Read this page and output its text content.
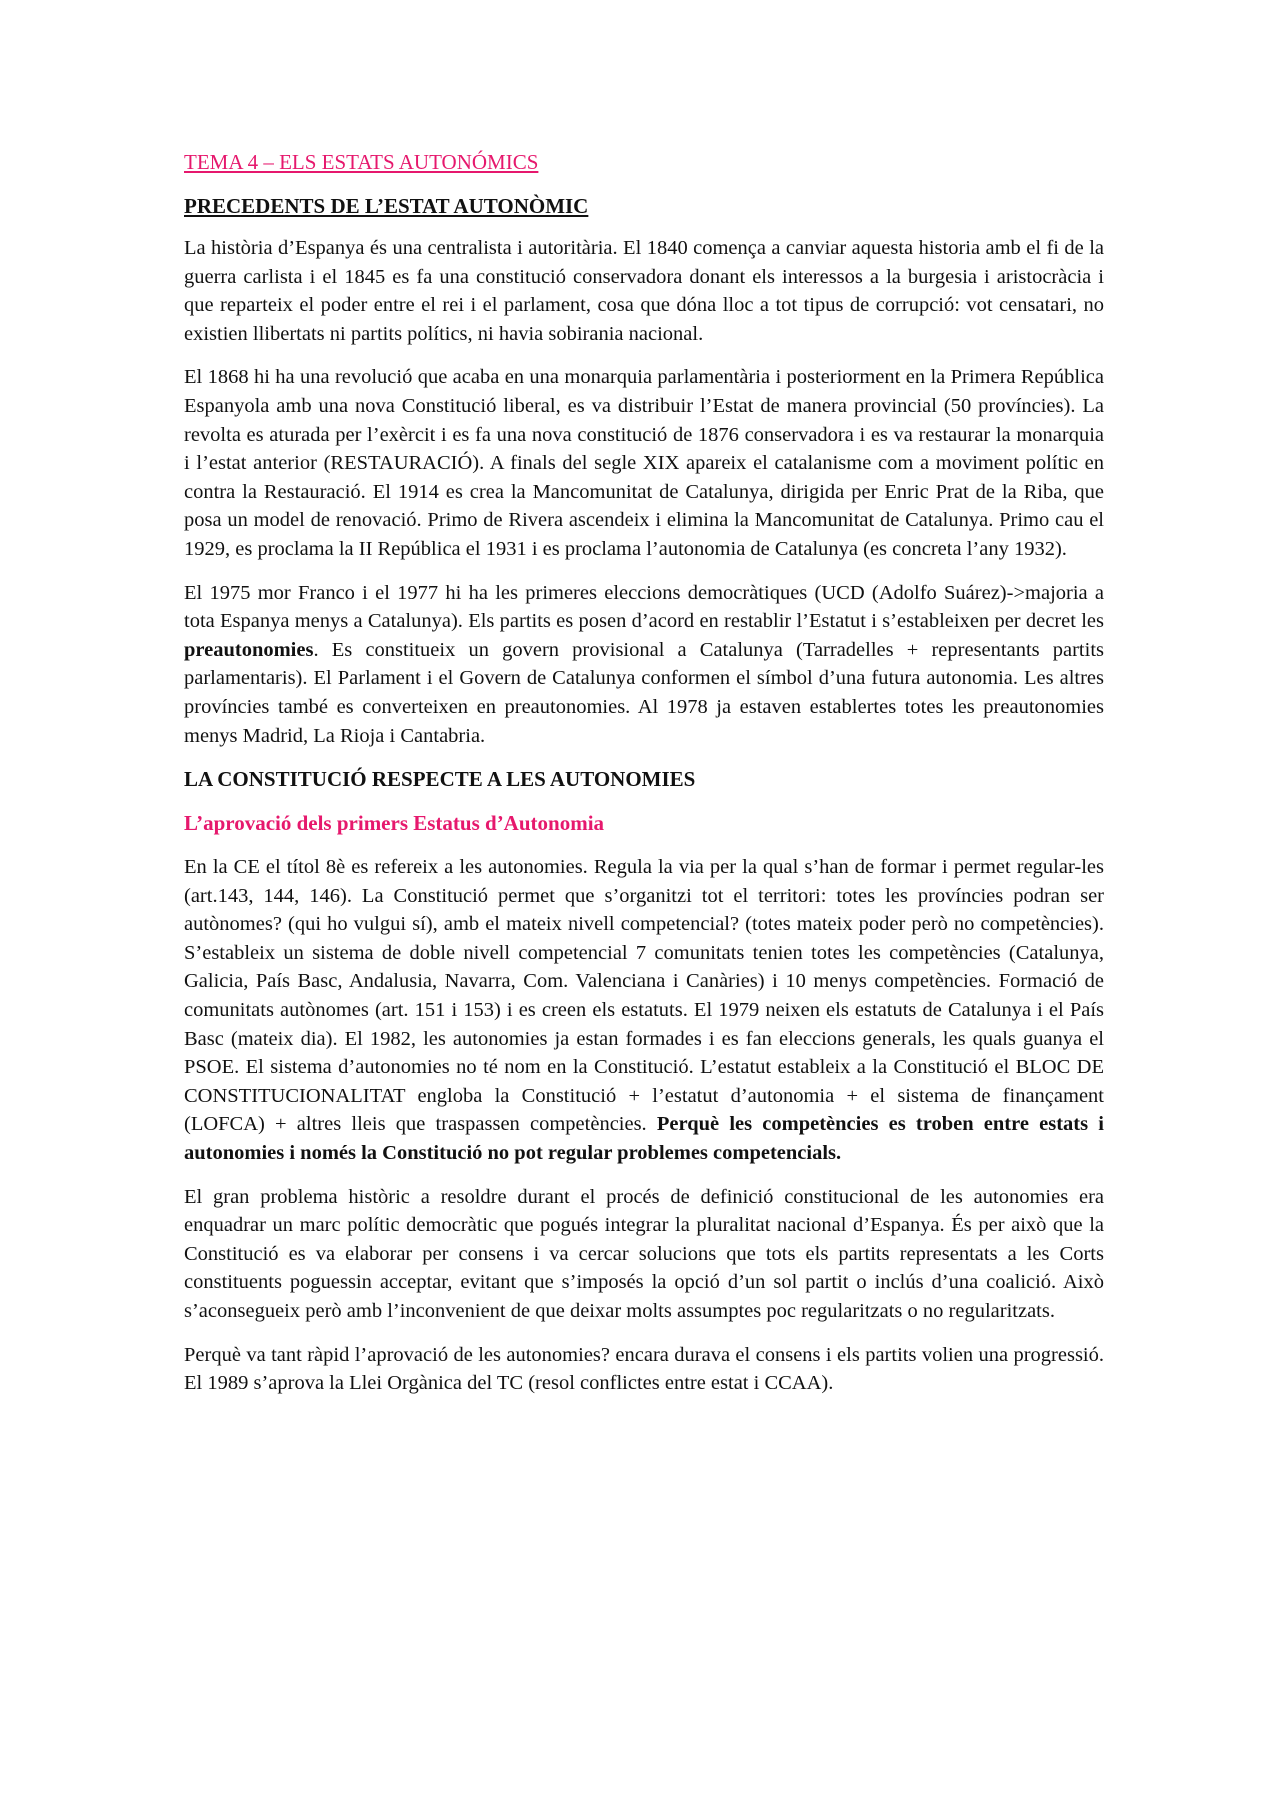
TEMA 4 – ELS ESTATS AUTONÓMICS
PRECEDENTS DE L’ESTAT AUTONÒMIC

La història d’Espanya és una centralista i autoritària. El 1840 comença a canviar aquesta historia amb el fi de la guerra carlista i el 1845 es fa una constitució conservadora donant els interessos a la burgesia i aristocràcia i que reparteix el poder entre el rei i el parlament, cosa que dóna lloc a tot tipus de corrupció: vot censatari, no existien llibertats ni partits polítics, ni havia sobirania nacional.

El 1868 hi ha una revolució que acaba en una monarquia parlamentària i posteriorment en la Primera República Espanyola amb una nova Constitució liberal, es va distribuir l’Estat de manera provincial (50 províncies). La revolta es aturada per l’exèrcit i es fa una nova constitució de 1876 conservadora i es va restaurar la monarquia i l’estat anterior (RESTAURACIÓ). A finals del segle XIX apareix el catalanisme com a moviment polític en contra la Restauració. El 1914 es crea la Mancomunitat de Catalunya, dirigida per Enric Prat de la Riba, que posa un model de renovació. Primo de Rivera ascendeix i elimina la Mancomunitat de Catalunya. Primo cau el 1929, es proclama la II República el 1931 i es proclama l’autonomia de Catalunya (es concreta l’any 1932).

El 1975 mor Franco i el 1977 hi ha les primeres eleccions democràtiques (UCD (Adolfo Suárez)->majoria a tota Espanya menys a Catalunya). Els partits es posen d’acord en restablir l’Estatut i s’estableixen per decret les preautonomies. Es constitueix un govern provisional a Catalunya (Tarradelles + representants partits parlamentaris). El Parlament i el Govern de Catalunya conformen el símbol d’una futura autonomia. Les altres províncies també es converteixen en preautonomies. Al 1978 ja estaven establertes totes les preautonomies menys Madrid, La Rioja i Cantabria.

LA CONSTITUCIÓ RESPECTE A LES AUTONOMIES
L’aprovació dels primers Estatus d’Autonomia

En la CE el títol 8è es refereix a les autonomies. Regula la via per la qual s’han de formar i permet regular-les (art.143, 144, 146). La Constitució permet que s’organitzi tot el territori: totes les províncies podran ser autònomes? (qui ho vulgui sí), amb el mateix nivell competencial? (totes mateix poder però no competències). S’estableix un sistema de doble nivell competencial 7 comunitats tenien totes les competències (Catalunya, Galicia, País Basc, Andalusia, Navarra, Com. Valenciana i Canàries) i 10 menys competències. Formació de comunitats autònomes (art. 151 i 153) i es creen els estatuts. El 1979 neixen els estatuts de Catalunya i el País Basc (mateix dia). El 1982, les autonomies ja estan formades i es fan eleccions generals, les quals guanya el PSOE. El sistema d’autonomies no té nom en la Constitució. L’estatut estableix a la Constitució el BLOC DE CONSTITUCIONALITAT engloba la Constitució + l’estatut d’autonomia + el sistema de finançament (LOFCA) + altres lleis que traspassen competències. Perquè les competències es troben entre estats i autonomies i només la Constitució no pot regular problemes competencials.

El gran problema històric a resoldre durant el procés de definició constitucional de les autonomies era enquadrar un marc polític democràtic que pogués integrar la pluralitat nacional d’Espanya. És per això que la Constitució es va elaborar per consens i va cercar solucions que tots els partits representats a les Corts constituents poguessin acceptar, evitant que s’imposés la opció d’un sol partit o inclús d’una coalició. Això s’aconsegueix però amb l’inconvenient de que deixar molts assumptes poc regularitzats o no regularitzats.

Perquè va tant ràpid l’aprovació de les autonomies? encara durava el consens i els partits volien una progressió. El 1989 s’aprova la Llei Orgànica del TC (resol conflictes entre estat i CCAA).
